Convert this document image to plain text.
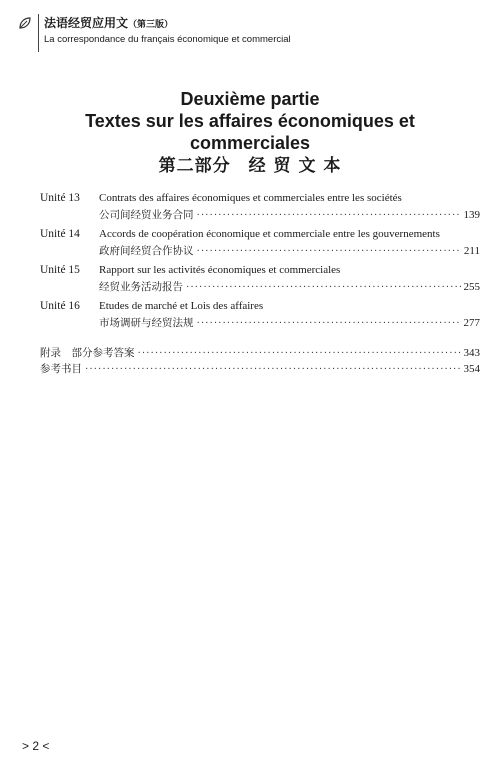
法语经贸应用文（第三版）
La correspondance du français économique et commercial
Deuxième partie
Textes sur les affaires économiques et
commerciales
第二部分　经 贸 文 本
Unité 13 Contrats des affaires économiques et commerciales entre les sociétés
公司间经贸业务合同 ·····	139
Unité 14 Accords de coopération économique et commerciale entre les gouvernements
政府间经贸合作协议 ·····	211
Unité 15 Rapport sur les activités économiques et commerciales
经贸业务活动报告 ·····	255
Unité 16 Etudes de marché et Lois des affaires
市场调研与经贸法规 ·····	277
附录　部分参考答案 ·····	343
参考书目 ·····	354
> 2 <
